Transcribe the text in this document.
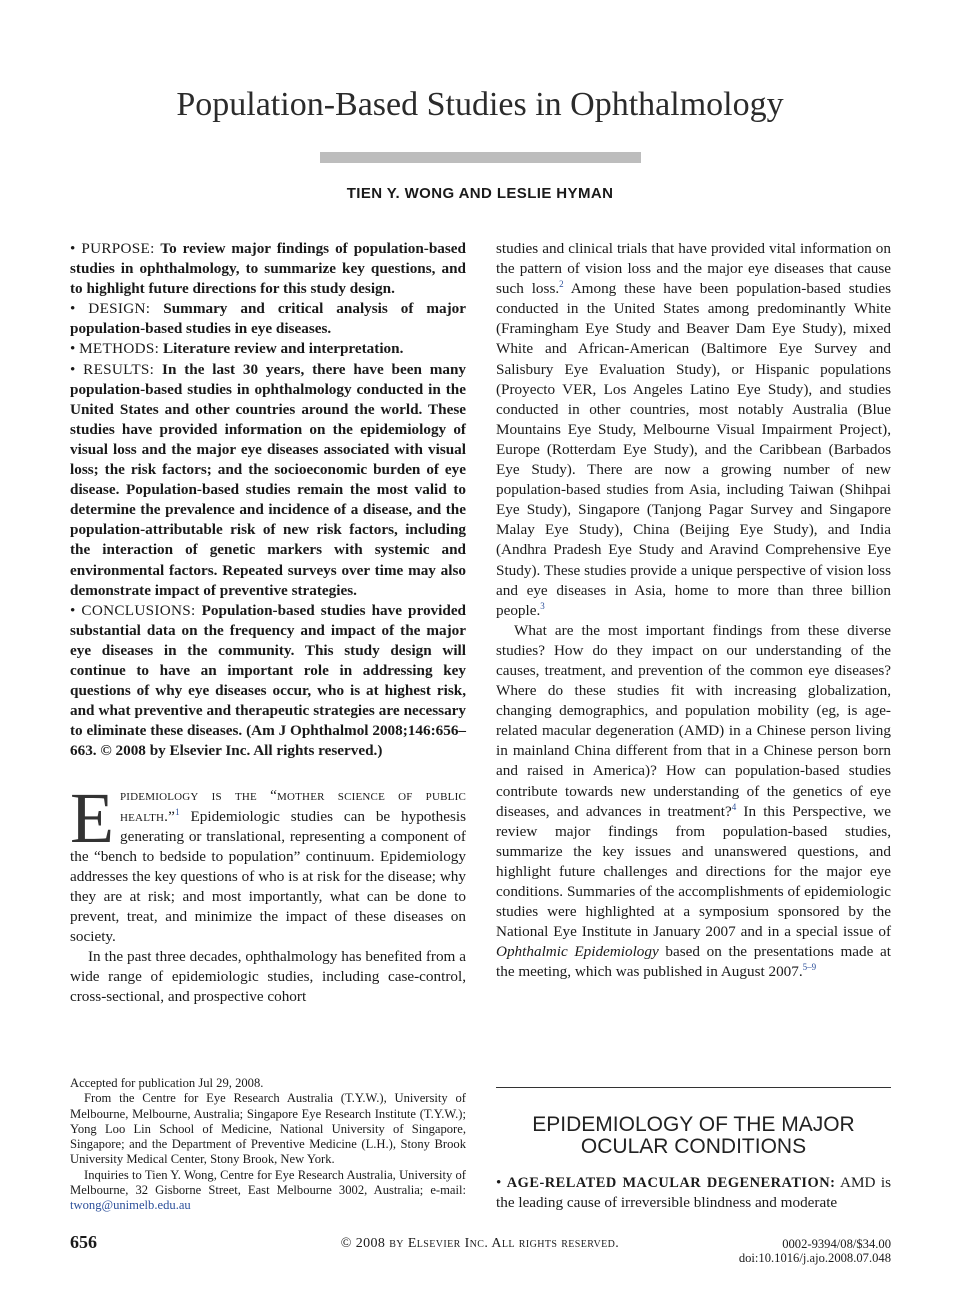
Population-Based Studies in Ophthalmology
TIEN Y. WONG AND LESLIE HYMAN

• PURPOSE: To review major findings of population-based studies in ophthalmology, to summarize key questions, and to highlight future directions for this study design.

• DESIGN: Summary and critical analysis of major population-based studies in eye diseases.

• METHODS: Literature review and interpretation.

• RESULTS: In the last 30 years, there have been many population-based studies in ophthalmology conducted in the United States and other countries around the world. These studies have provided information on the epidemiology of visual loss and the major eye diseases associated with visual loss; the risk factors; and the socioeconomic burden of eye disease. Population-based studies remain the most valid to determine the prevalence and incidence of a disease, and the population-attributable risk of new risk factors, including the interaction of genetic markers with systemic and environmental factors. Repeated surveys over time may also demonstrate impact of preventive strategies.

• CONCLUSIONS: Population-based studies have provided substantial data on the frequency and impact of the major eye diseases in the community. This study design will continue to have an important role in addressing key questions of why eye diseases occur, who is at highest risk, and what preventive and therapeutic strategies are necessary to eliminate these diseases. (Am J Ophthalmol 2008;146:656–663. © 2008 by Elsevier Inc. All rights reserved.)

Epidemiology is the “mother science of public health.”$^1$ Epidemiologic studies can be hypothesis generating or translational, representing a component of the “bench to bedside to population” continuum. Epidemiology addresses the key questions of who is at risk for the disease; why they are at risk; and most importantly, what can be done to prevent, treat, and minimize the impact of these diseases on society.

In the past three decades, ophthalmology has benefited from a wide range of epidemiologic studies, including case-control, cross-sectional, and prospective cohort

Accepted for publication Jul 29, 2008.

From the Centre for Eye Research Australia (T.Y.W.), University of Melbourne, Melbourne, Australia; Singapore Eye Research Institute (T.Y.W.); Yong Loo Lin School of Medicine, National University of Singapore, Singapore; and the Department of Preventive Medicine (L.H.), Stony Brook University Medical Center, Stony Brook, New York.

Inquiries to Tien Y. Wong, Centre for Eye Research Australia, University of Melbourne, 32 Gisborne Street, East Melbourne 3002, Australia; e-mail: twong@unimelb.edu.au

studies and clinical trials that have provided vital information on the pattern of vision loss and the major eye diseases that cause such loss.$^2$ Among these have been population-based studies conducted in the United States among predominantly White (Framingham Eye Study and Beaver Dam Eye Study), mixed White and African-American (Baltimore Eye Survey and Salisbury Eye Evaluation Study), or Hispanic populations (Proyecto VER, Los Angeles Latino Eye Study), and studies conducted in other countries, most notably Australia (Blue Mountains Eye Study, Melbourne Visual Impairment Project), Europe (Rotterdam Eye Study), and the Caribbean (Barbados Eye Study). There are now a growing number of new population-based studies from Asia, including Taiwan (Shihpai Eye Study), Singapore (Tanjong Pagar Survey and Singapore Malay Eye Study), China (Beijing Eye Study), and India (Andhra Pradesh Eye Study and Aravind Comprehensive Eye Study). These studies provide a unique perspective of vision loss and eye diseases in Asia, home to more than three billion people.$^3$

What are the most important findings from these diverse studies? How do they impact on our understanding of the causes, treatment, and prevention of the common eye diseases? Where do these studies fit with increasing globalization, changing demographics, and population mobility (eg, is age-related macular degeneration (AMD) in a Chinese person living in mainland China different from that in a Chinese person born and raised in America)? How can population-based studies contribute towards new understanding of the genetics of eye diseases, and advances in treatment?$^4$ In this Perspective, we review major findings from population-based studies, summarize the key issues and unanswered questions, and highlight future challenges and directions for the major eye conditions. Summaries of the accomplishments of epidemiologic studies were highlighted at a symposium sponsored by the National Eye Institute in January 2007 and in a special issue of Ophthalmic Epidemiology based on the presentations made at the meeting, which was published in August 2007.$^{5-9}$

EPIDEMIOLOGY OF THE MAJOR
OCULAR CONDITIONS
• AGE-RELATED MACULAR DEGENERATION: AMD is the leading cause of irreversible blindness and moderate
656	© 2008 by Elsevier Inc. All rights reserved.	0002-9394/08/$34.00
doi:10.1016/j.ajo.2008.07.048
